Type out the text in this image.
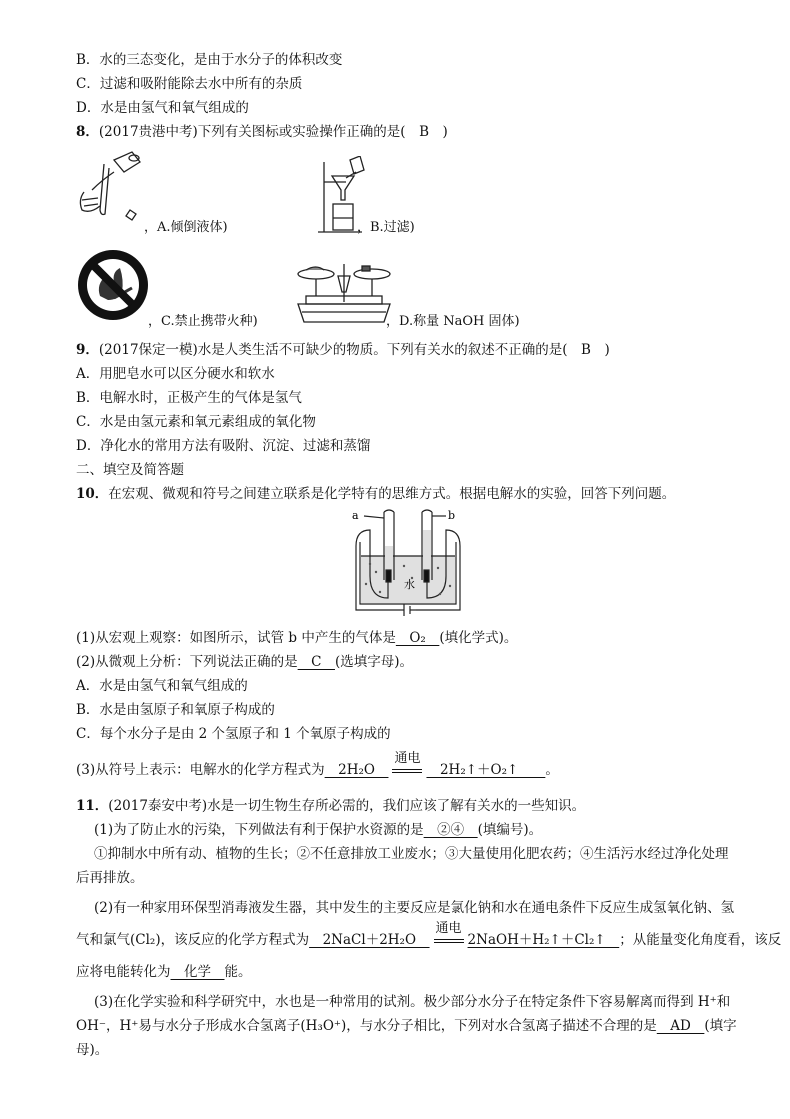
B．水的三态变化，是由于水分子的体积改变
C．过滤和吸附能除去水中所有的杂质
D．水是由氢气和氧气组成的
8．(2017贵港中考)下列有关图标或实验操作正确的是(　B　)
，A.倾倒液体)	，B.过滤)
，C.禁止携带火种)	，D.称量 NaOH 固体)
9．(2017保定一模)水是人类生活不可缺少的物质。下列有关水的叙述不正确的是(　B　)
A．用肥皂水可以区分硬水和软水
B．电解水时，正极产生的气体是氢气
C．水是由氢元素和氧元素组成的氧化物
D．净化水的常用方法有吸附、沉淀、过滤和蒸馏
二、填空及简答题
10．在宏观、微观和符号之间建立联系是化学特有的思维方式。根据电解水的实验，回答下列问题。
a	b
水
(1)从宏观上观察：如图所示，试管 b 中产生的气体是　O₂　(填化学式)。
(2)从微观上分析：下列说法正确的是　C　(选填字母)。
A．水是由氢气和氧气组成的
B．水是由氢原子和氧原子构成的
C．每个水分子是由 2 个氢原子和 1 个氧原子构成的
(3)从符号上表示：电解水的化学方程式为　2H₂O　
通电
　2H₂↑＋O₂↑　　。
11．(2017泰安中考)水是一切生物生存所必需的，我们应该了解有关水的一些知识。
(1)为了防止水的污染，下列做法有利于保护水资源的是　②④　(填编号)。
①抑制水中所有动、植物的生长；②不任意排放工业废水；③大量使用化肥农药；④生活污水经过净化处理
后再排放。
(2)有一种家用环保型消毒液发生器，其中发生的主要反应是氯化钠和水在通电条件下反应生成氢氧化钠、氢
气和氯气(Cl₂)，该反应的化学方程式为　2NaCl＋2H₂O　
通电
2NaOH＋H₂↑＋Cl₂↑　；从能量变化角度看，该反
应将电能转化为　化学　能。
(3)在化学实验和科学研究中，水也是一种常用的试剂。极少部分水分子在特定条件下容易解离而得到 H⁺和
OH⁻，H⁺易与水分子形成水合氢离子(H₃O⁺)，与水分子相比，下列对水合氢离子描述不合理的是　AD　(填字
母)。
